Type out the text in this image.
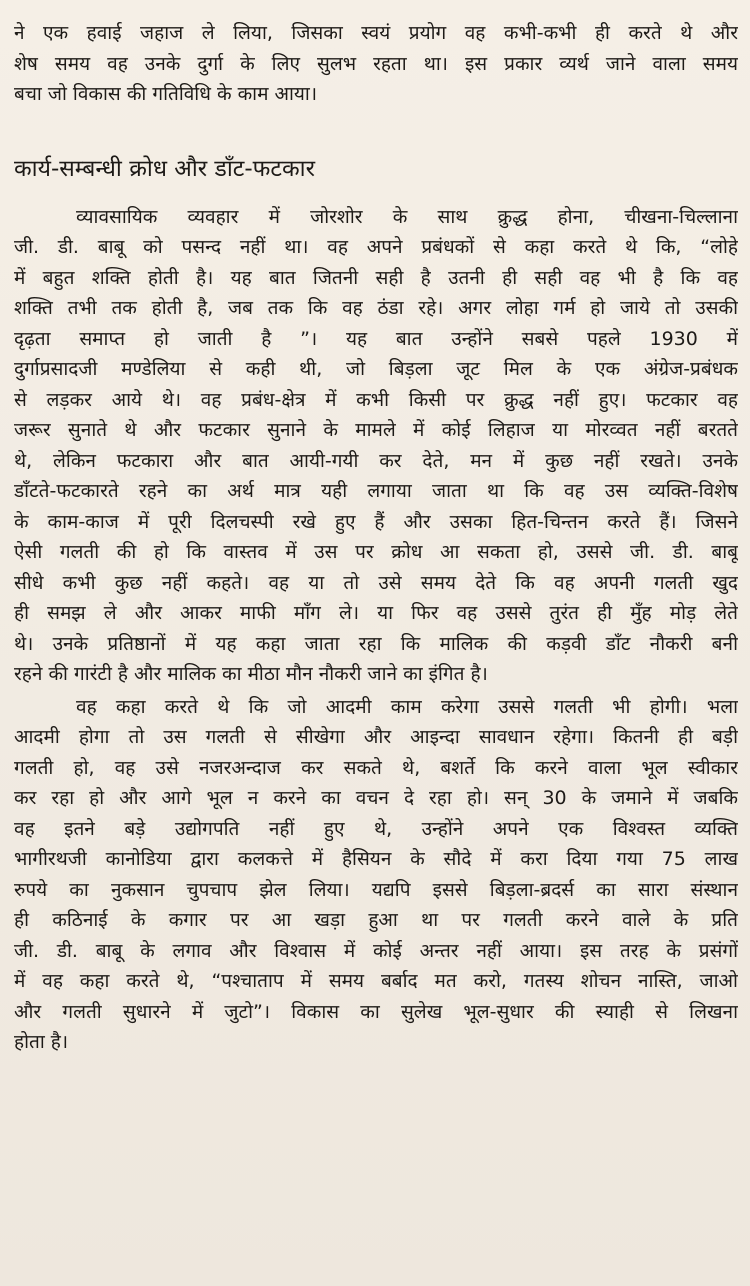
ने एक हवाई जहाज ले लिया, जिसका स्वयं प्रयोग वह कभी-कभी ही करते थे और
शेष समय वह उनके दुर्गा के लिए सुलभ रहता था। इस प्रकार व्यर्थ जाने वाला समय
बचा जो विकास की गतिविधि के काम आया।
कार्य-सम्बन्धी क्रोध और डाँट-फटकार
व्यावसायिक व्यवहार में जोरशोर के साथ क्रुद्ध होना, चीखना-चिल्लाना
जी. डी. बाबू को पसन्द नहीं था। वह अपने प्रबंधकों से कहा करते थे कि, “लोहे
में बहुत शक्ति होती है। यह बात जितनी सही है उतनी ही सही वह भी है कि वह
शक्ति तभी तक होती है, जब तक कि वह ठंडा रहे। अगर लोहा गर्म हो जाये तो उसकी
दृढ़ता समाप्त हो जाती है ”। यह बात उन्होंने सबसे पहले 1930 में
दुर्गाप्रसादजी मण्डेलिया से कही थी, जो बिड़ला जूट मिल के एक अंग्रेज-प्रबंधक
से लड़कर आये थे। वह प्रबंध-क्षेत्र में कभी किसी पर क्रुद्ध नहीं हुए। फटकार वह
जरूर सुनाते थे और फटकार सुनाने के मामले में कोई लिहाज या मोरव्वत नहीं बरतते
थे, लेकिन फटकारा और बात आयी-गयी कर देते, मन में कुछ नहीं रखते। उनके
डाँटते-फटकारते रहने का अर्थ मात्र यही लगाया जाता था कि वह उस व्यक्ति-विशेष
के काम-काज में पूरी दिलचस्पी रखे हुए हैं और उसका हित-चिन्तन करते हैं। जिसने
ऐसी गलती की हो कि वास्तव में उस पर क्रोध आ सकता हो, उससे जी. डी. बाबू
सीधे कभी कुछ नहीं कहते। वह या तो उसे समय देते कि वह अपनी गलती खुद
ही समझ ले और आकर माफी माँग ले। या फिर वह उससे तुरंत ही मुँह मोड़ लेते
थे। उनके प्रतिष्ठानों में यह कहा जाता रहा कि मालिक की कड़वी डाँट नौकरी बनी
रहने की गारंटी है और मालिक का मीठा मौन नौकरी जाने का इंगित है।
वह कहा करते थे कि जो आदमी काम करेगा उससे गलती भी होगी। भला
आदमी होगा तो उस गलती से सीखेगा और आइन्दा सावधान रहेगा। कितनी ही बड़ी
गलती हो, वह उसे नजरअन्दाज कर सकते थे, बशर्ते कि करने वाला भूल स्वीकार
कर रहा हो और आगे भूल न करने का वचन दे रहा हो। सन् 30 के जमाने में जबकि
वह इतने बड़े उद्योगपति नहीं हुए थे, उन्होंने अपने एक विश्वस्त व्यक्ति
भागीरथजी कानोडिया द्वारा कलकत्ते में हैसियन के सौदे में करा दिया गया 75 लाख
रुपये का नुकसान चुपचाप झेल लिया। यद्यपि इससे बिड़ला-ब्रदर्स का सारा संस्थान
ही कठिनाई के कगार पर आ खड़ा हुआ था पर गलती करने वाले के प्रति
जी. डी. बाबू के लगाव और विश्वास में कोई अन्तर नहीं आया। इस तरह के प्रसंगों
में वह कहा करते थे, “पश्चाताप में समय बर्बाद मत करो, गतस्य शोचन नास्ति, जाओ
और गलती सुधारने में जुटो”। विकास का सुलेख भूल-सुधार की स्याही से लिखना
होता है।
